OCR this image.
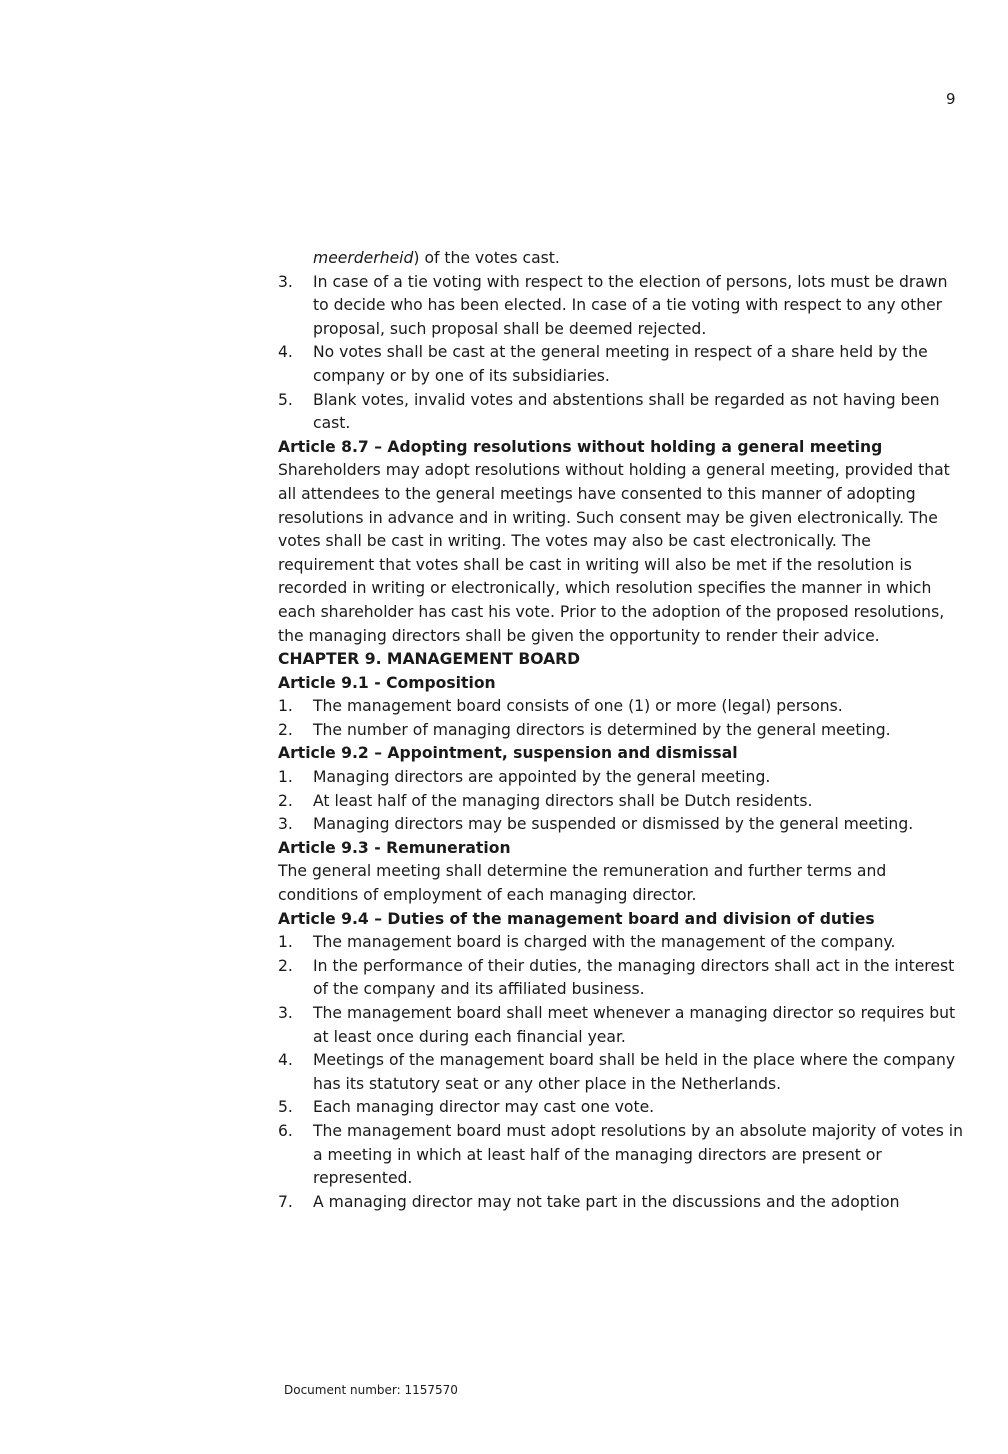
9

meerderheid) of the votes cast.

3.	In case of a tie voting with respect to the election of persons, lots must be drawn to decide who has been elected. In case of a tie voting with respect to any other proposal, such proposal shall be deemed rejected.
4.	No votes shall be cast at the general meeting in respect of a share held by the company or by one of its subsidiaries.
5.	Blank votes, invalid votes and abstentions shall be regarded as not having been cast.

Article 8.7 – Adopting resolutions without holding a general meeting

Shareholders may adopt resolutions without holding a general meeting, provided that all attendees to the general meetings have consented to this manner of adopting resolutions in advance and in writing. Such consent may be given electronically. The votes shall be cast in writing. The votes may also be cast electronically. The requirement that votes shall be cast in writing will also be met if the resolution is recorded in writing or electronically, which resolution specifies the manner in which each shareholder has cast his vote. Prior to the adoption of the proposed resolutions, the managing directors shall be given the opportunity to render their advice.

CHAPTER 9. MANAGEMENT BOARD

Article 9.1 - Composition

1.	The management board consists of one (1) or more (legal) persons.
2.	The number of managing directors is determined by the general meeting.

Article 9.2 – Appointment, suspension and dismissal

1.	Managing directors are appointed by the general meeting.
2.	At least half of the managing directors shall be Dutch residents.
3.	Managing directors may be suspended or dismissed by the general meeting.

Article 9.3 - Remuneration

The general meeting shall determine the remuneration and further terms and conditions of employment of each managing director.

Article 9.4 – Duties of the management board and division of duties

1.	The management board is charged with the management of the company.
2.	In the performance of their duties, the managing directors shall act in the interest of the company and its affiliated business.
3.	The management board shall meet whenever a managing director so requires but at least once during each financial year.
4.	Meetings of the management board shall be held in the place where the company has its statutory seat or any other place in the Netherlands.
5.	Each managing director may cast one vote.
6.	The management board must adopt resolutions by an absolute majority of votes in a meeting in which at least half of the managing directors are present or represented.
7.	A managing director may not take part in the discussions and the adoption
Document number: 1157570
